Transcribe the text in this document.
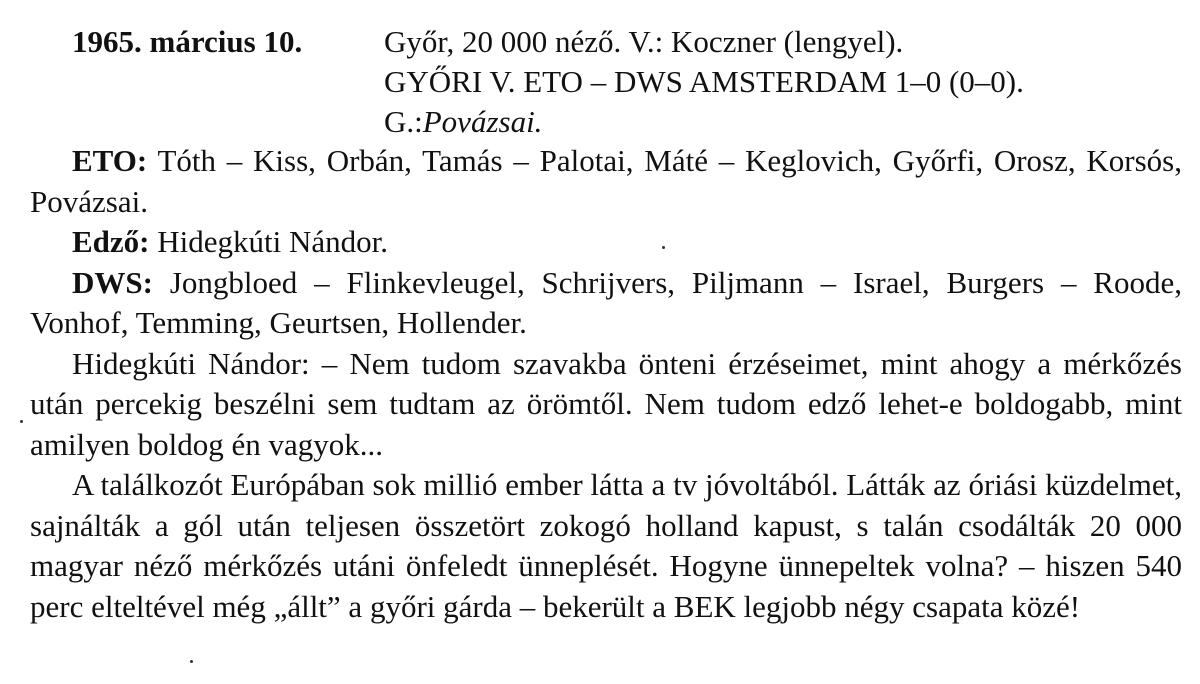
1965. március 10.	Győr, 20 000 néző. V.: Koczner (lengyel).
GYŐRI V. ETO – DWS AMSTERDAM 1–0 (0–0).
G.:Povázsai.

ETO: Tóth – Kiss, Orbán, Tamás – Palotai, Máté – Keglovich, Győrfi, Orosz, Korsós, Povázsai.

Edző: Hidegkúti Nándor.

DWS: Jongbloed – Flinkevleugel, Schrijvers, Piljmann – Israel, Burgers – Roode, Vonhof, Temming, Geurtsen, Hollender.

Hidegkúti Nándor: – Nem tudom szavakba önteni érzéseimet, mint ahogy a mérkőzés után percekig beszélni sem tudtam az örömtől. Nem tudom edző lehet-e boldogabb, mint amilyen boldog én vagyok...

A találkozót Európában sok millió ember látta a tv jóvoltából. Látták az óriási küzdelmet, sajnálták a gól után teljesen összetört zokogó holland kapust, s talán csodálták 20 000 magyar néző mérkőzés utáni önfeledt ünneplését. Hogyne ünnepeltek volna? – hiszen 540 perc elteltével még „állt” a győri gárda – bekerült a BEK legjobb négy csapata közé!
